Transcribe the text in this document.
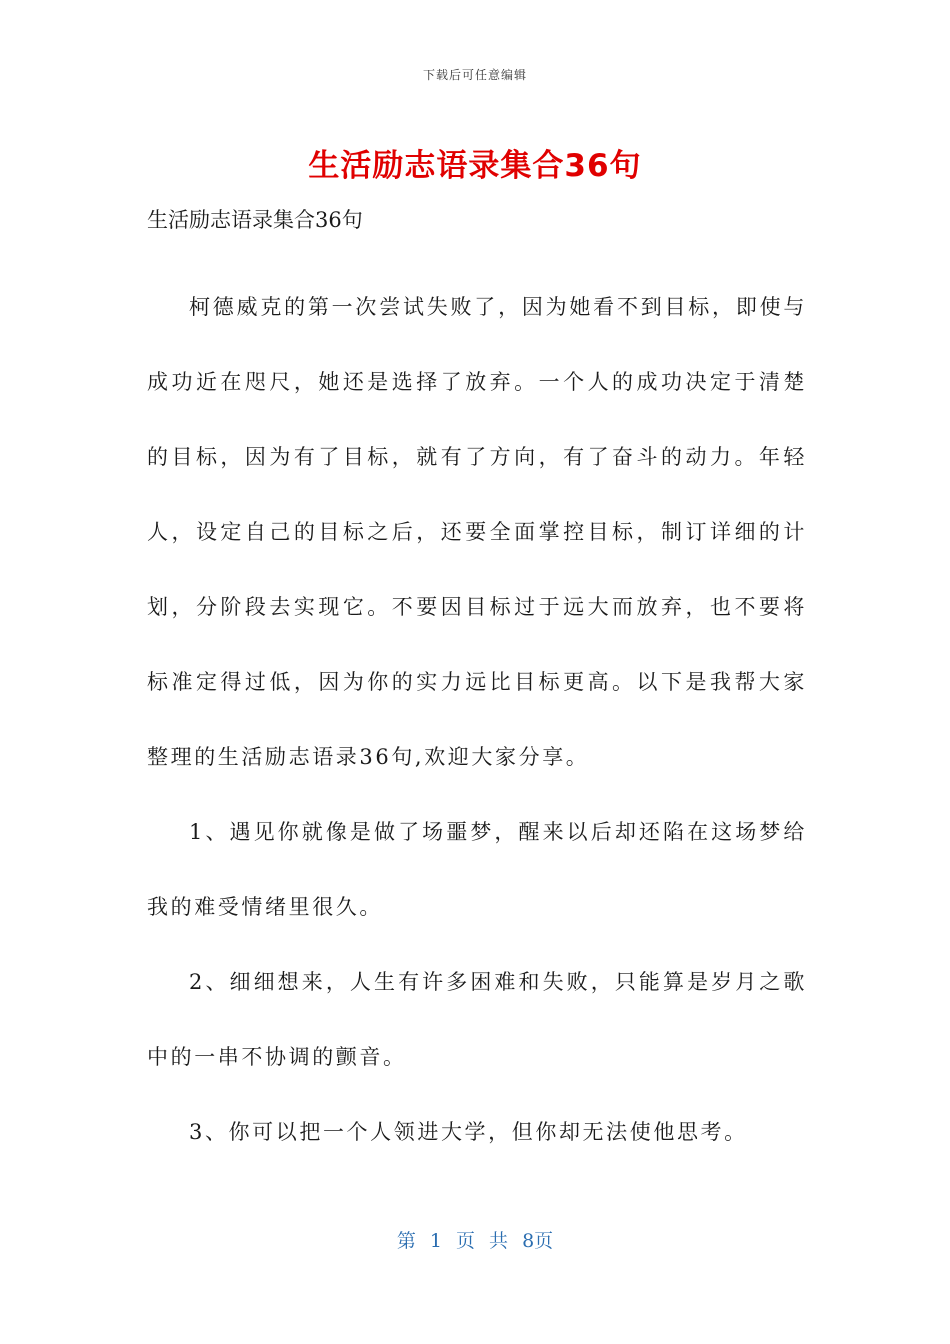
下载后可任意编辑
生活励志语录集合36句
生活励志语录集合36句

柯德威克的第一次尝试失败了，因为她看不到目标，即使与成功近在咫尺，她还是选择了放弃。一个人的成功决定于清楚的目标，因为有了目标，就有了方向，有了奋斗的动力。年轻人，设定自己的目标之后，还要全面掌控目标，制订详细的计划，分阶段去实现它。不要因目标过于远大而放弃，也不要将标准定得过低，因为你的实力远比目标更高。以下是我帮大家整理的生活励志语录36句,欢迎大家分享。

1、遇见你就像是做了场噩梦，醒来以后却还陷在这场梦给我的难受情绪里很久。

2、细细想来，人生有许多困难和失败，只能算是岁月之歌中的一串不协调的颤音。

3、你可以把一个人领进大学，但你却无法使他思考。

第 1 页 共 8页
